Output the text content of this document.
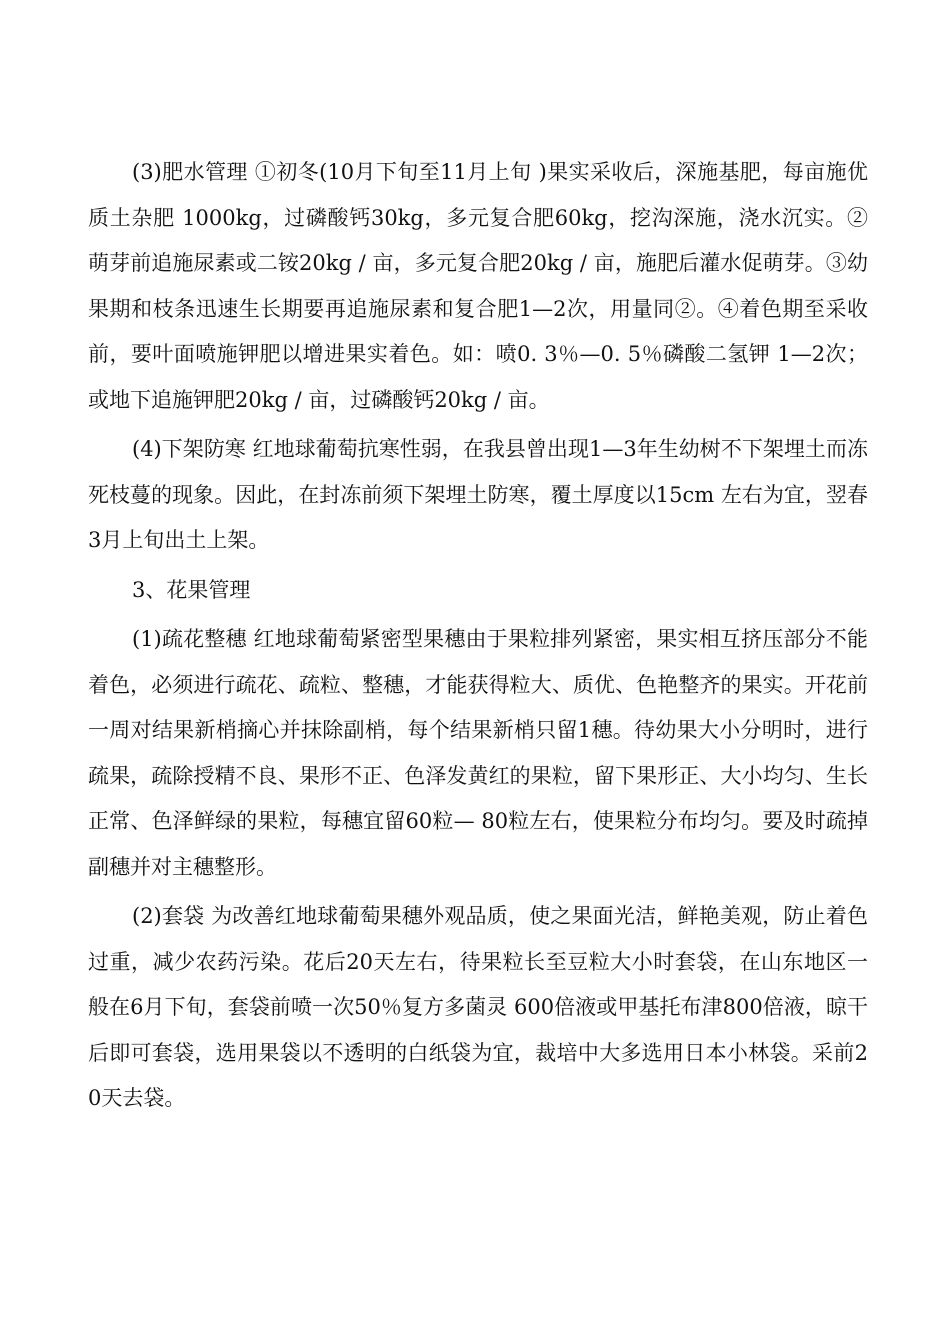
(3)肥水管理 ①初冬(10月下旬至11月上旬 )果实采收后，深施基肥，每亩施优质土杂肥 1000kg，过磷酸钙30kg，多元复合肥60kg，挖沟深施，浇水沉实。②萌芽前追施尿素或二铵20kg / 亩，多元复合肥20kg / 亩，施肥后灌水促萌芽。③幼果期和枝条迅速生长期要再追施尿素和复合肥1—2次，用量同②。④着色期至采收前，要叶面喷施钾肥以增进果实着色。如：喷0. 3％—0. 5％磷酸二氢钾 1—2次；或地下追施钾肥20kg / 亩，过磷酸钙20kg / 亩。

(4)下架防寒 红地球葡萄抗寒性弱，在我县曾出现1—3年生幼树不下架埋土而冻死枝蔓的现象。因此，在封冻前须下架埋土防寒，覆土厚度以15cm 左右为宜，翌春3月上旬出土上架。

3、花果管理

(1)疏花整穗 红地球葡萄紧密型果穗由于果粒排列紧密，果实相互挤压部分不能着色，必须进行疏花、疏粒、整穗，才能获得粒大、质优、色艳整齐的果实。开花前一周对结果新梢摘心并抹除副梢，每个结果新梢只留1穗。待幼果大小分明时，进行疏果，疏除授精不良、果形不正、色泽发黄红的果粒，留下果形正、大小均匀、生长正常、色泽鲜绿的果粒，每穗宜留60粒— 80粒左右，使果粒分布均匀。要及时疏掉副穗并对主穗整形。

(2)套袋 为改善红地球葡萄果穗外观品质，使之果面光洁，鲜艳美观，防止着色过重，减少农药污染。花后20天左右，待果粒长至豆粒大小时套袋，在山东地区一般在6月下旬，套袋前喷一次50％复方多菌灵 600倍液或甲基托布津800倍液，晾干后即可套袋，选用果袋以不透明的白纸袋为宜，裁培中大多选用日本小林袋。采前20天去袋。
